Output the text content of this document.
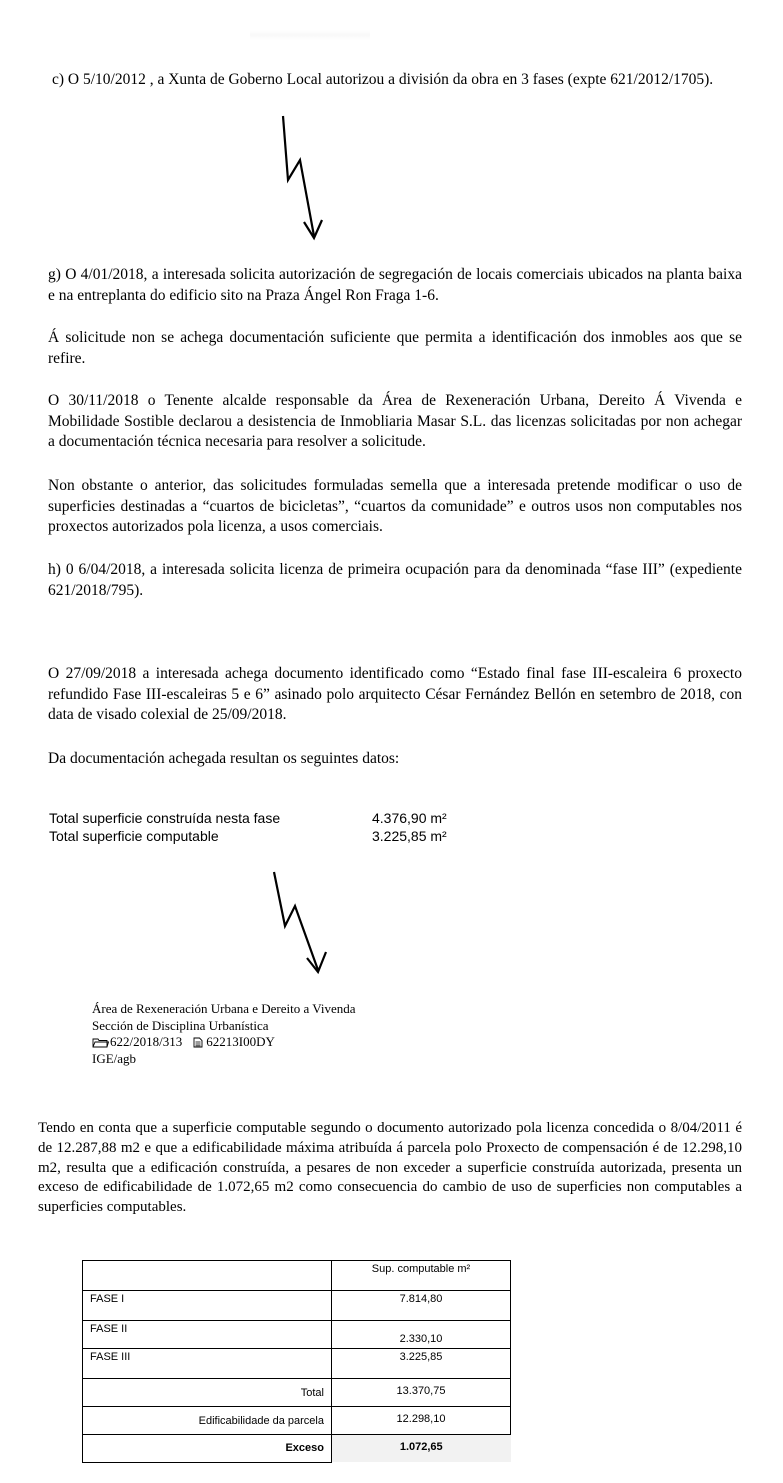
c) O 5/10/2012 , a Xunta de Goberno Local autorizou a división da obra en 3 fases (expte 621/2012/1705).

g) O 4/01/2018, a interesada solicita autorización de segregación de locais comerciais ubicados na planta baixa e na entreplanta do edificio sito na Praza Ángel Ron Fraga 1-6.

Á solicitude non se achega documentación suficiente que permita a identificación dos inmobles aos que se refire.

O 30/11/2018 o Tenente alcalde responsable da Área de Rexeneración Urbana, Dereito Á Vivenda e Mobilidade Sostible declarou a desistencia de Inmobliaria Masar S.L. das licenzas solicitadas por non achegar a documentación técnica necesaria para resolver a solicitude.

Non obstante o anterior, das solicitudes formuladas semella que a interesada pretende modificar o uso de superficies destinadas a “cuartos de bicicletas”, “cuartos da comunidade” e outros usos non computables nos proxectos autorizados pola licenza, a usos comerciais.

h) 0 6/04/2018, a interesada solicita licenza de primeira ocupación para da denominada “fase III” (expediente 621/2018/795).

O 27/09/2018 a interesada achega documento identificado como “Estado final fase III-escaleira 6 proxecto refundido Fase III-escaleiras 5 e 6” asinado polo arquitecto César Fernández Bellón en setembro de 2018, con data de visado colexial de 25/09/2018.

Da documentación achegada resultan os seguintes datos:

Total superficie construída nesta fase	4.376,90 m²
Total superficie computable	3.225,85 m²
Área de Rexeneración Urbana e Dereito a Vivenda
Sección de Disciplina Urbanística
622/2018/313 62213I00DY
IGE/agb

Tendo en conta que a superficie computable segundo o documento autorizado pola licenza concedida o 8/04/2011 é de 12.287,88 m2 e que a edificabilidade máxima atribuída á parcela polo Proxecto de compensación é de 12.298,10 m2, resulta que a edificación construída, a pesares de non exceder a superficie construída autorizada, presenta un exceso de edificabilidade de 1.072,65 m2 como consecuencia do cambio de uso de superficies non computables a superficies computables.

	Sup. computable m²
FASE I	7.814,80
FASE II	2.330,10
FASE III	3.225,85
Total	13.370,75
Edificabilidade da parcela	12.298,10
Exceso	1.072,65
